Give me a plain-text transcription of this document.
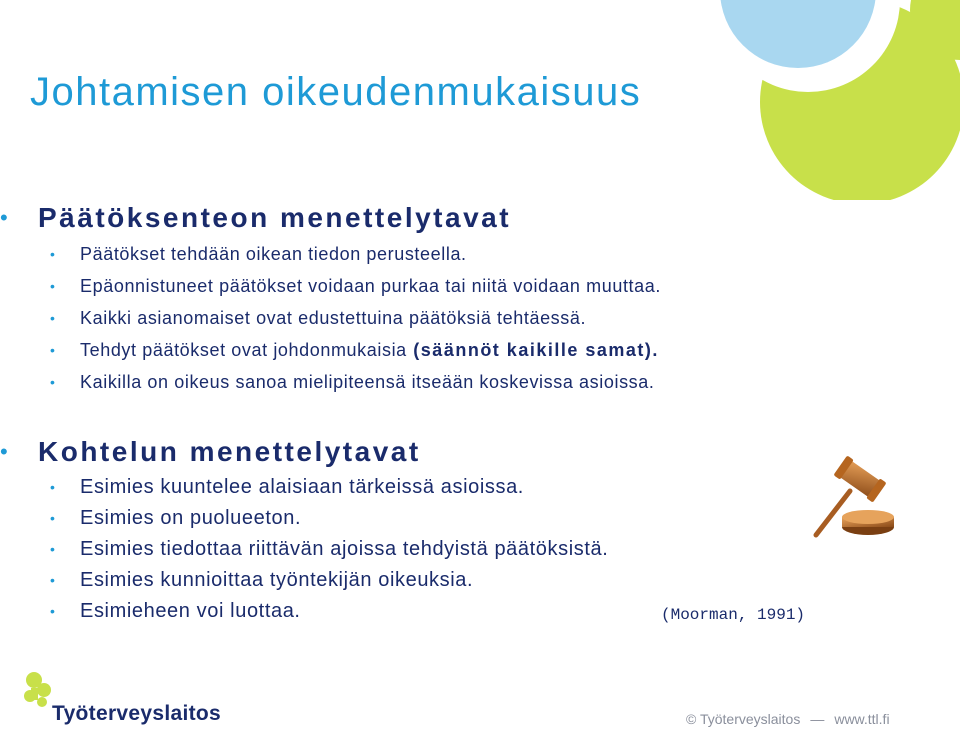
Johtamisen oikeudenmukaisuus
• Päätöksenteon menettelytavat
• Päätökset tehdään oikean tiedon perusteella.
• Epäonnistuneet päätökset voidaan purkaa tai niitä voidaan muuttaa.
• Kaikki asianomaiset ovat edustettuina päätöksiä tehtäessä.
• Tehdyt päätökset ovat johdonmukaisia (säännöt kaikille samat).
• Kaikilla on oikeus sanoa mielipiteensä itseään koskevissa asioissa.
• Kohtelun menettelytavat
• Esimies kuuntelee alaisiaan tärkeissä asioissa.
• Esimies on puolueeton.
• Esimies tiedottaa riittävän ajoissa tehdyistä päätöksistä.
• Esimies kunnioittaa työntekijän oikeuksia.
• Esimieheen voi luottaa.	(Moorman, 1991)
Työterveyslaitos	© Työterveyslaitos — www.ttl.fi
